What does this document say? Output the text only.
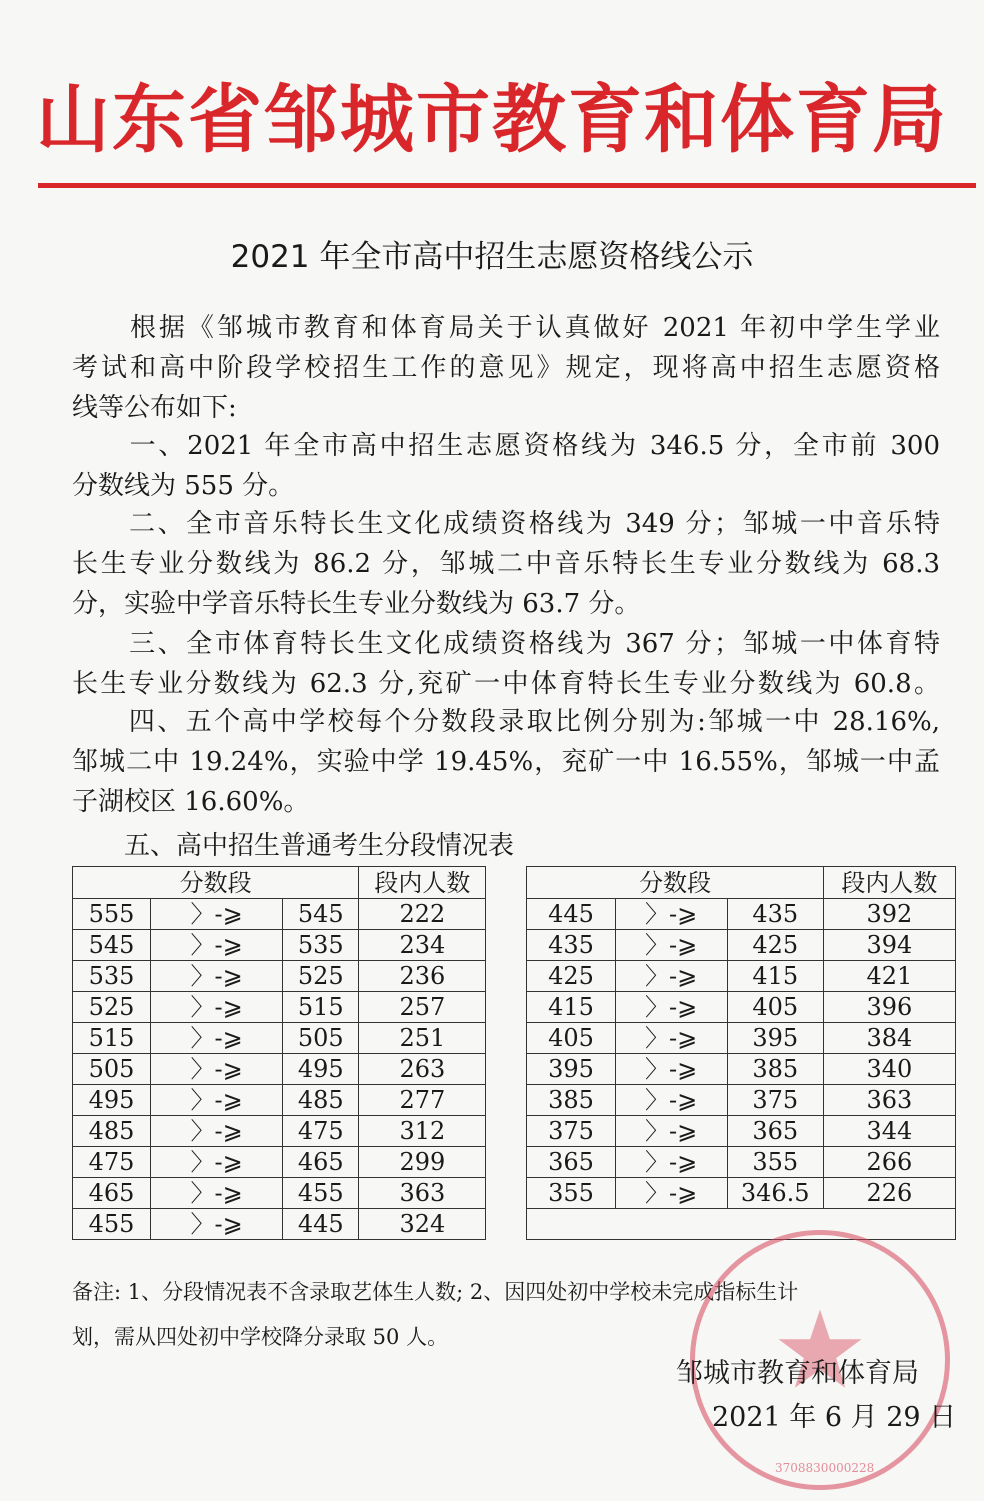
山东省邹城市教育和体育局
2021 年全市高中招生志愿资格线公示
　　根据《邹城市教育和体育局关于认真做好 2021 年初中学生学业
考试和高中阶段学校招生工作的意见》规定，现将高中招生志愿资格
线等公布如下:
　　一、2021 年全市高中招生志愿资格线为 346.5 分，全市前 300
分数线为 555 分。
　　二、全市音乐特长生文化成绩资格线为 349 分；邹城一中音乐特
长生专业分数线为 86.2 分，邹城二中音乐特长生专业分数线为 68.3
分，实验中学音乐特长生专业分数线为 63.7 分。
　　三、全市体育特长生文化成绩资格线为 367 分；邹城一中体育特
长生专业分数线为 62.3 分,兖矿一中体育特长生专业分数线为 60.8。
　　四、五个高中学校每个分数段录取比例分别为:邹城一中 28.16%,
邹城二中 19.24%，实验中学 19.45%，兖矿一中 16.55%，邹城一中孟
子湖校区 16.60%。
　　五、高中招生普通考生分段情况表
分数段			段内人数		分数段			段内人数
555	〉-⩾	545	222		445	〉-⩾	435	392
545	〉-⩾	535	234		435	〉-⩾	425	394
535	〉-⩾	525	236		425	〉-⩾	415	421
525	〉-⩾	515	257		415	〉-⩾	405	396
515	〉-⩾	505	251		405	〉-⩾	395	384
505	〉-⩾	495	263		395	〉-⩾	385	340
495	〉-⩾	485	277		385	〉-⩾	375	363
485	〉-⩾	475	312		375	〉-⩾	365	344
475	〉-⩾	465	299		365	〉-⩾	355	266
465	〉-⩾	455	363		355	〉-⩾	346.5	226
455	〉-⩾	445	324					
备注: 1、分段情况表不含录取艺体生人数; 2、因四处初中学校未完成指标生计
划，需从四处初中学校降分录取 50 人。
3708830000228
邹城市教育和体育局
2021 年 6 月 29 日
